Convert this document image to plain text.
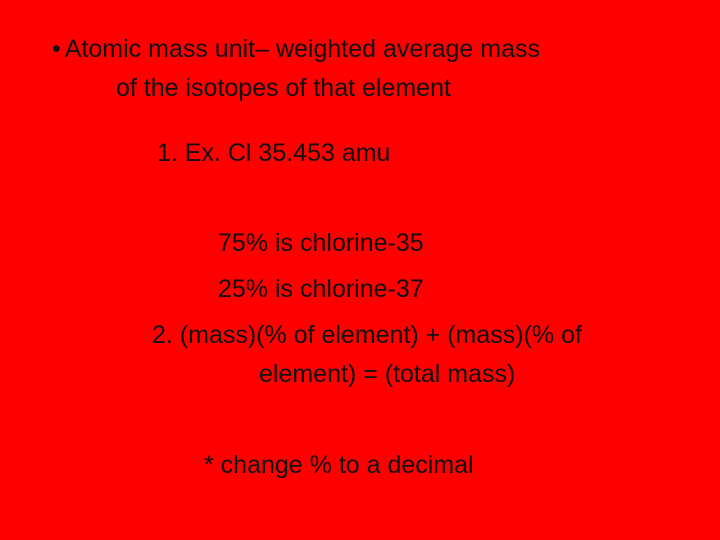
• Atomic mass unit– weighted average mass
of the isotopes of that element
1. Ex. Cl 35.453 amu
75% is chlorine-35
25% is chlorine-37
2. (mass)(% of element) + (mass)(% of
element) = (total mass)
* change % to a decimal
